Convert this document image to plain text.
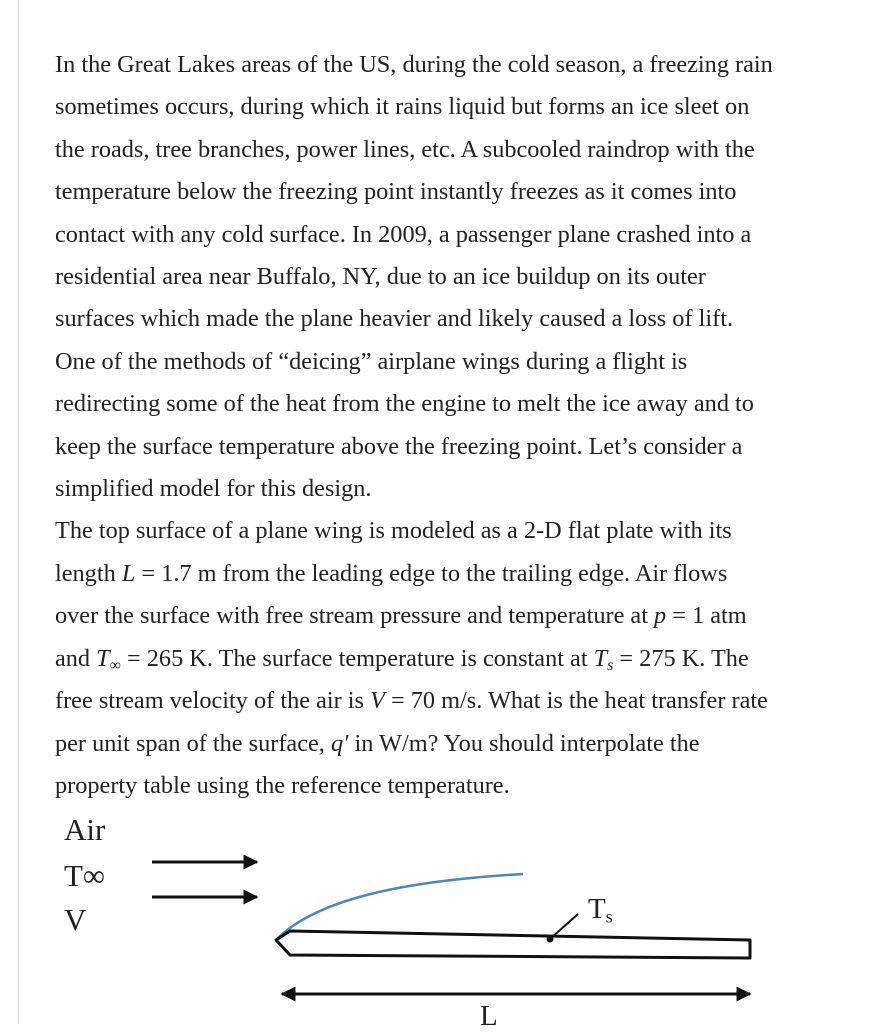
In the Great Lakes areas of the US, during the cold season, a freezing rain

sometimes occurs, during which it rains liquid but forms an ice sleet on

the roads, tree branches, power lines, etc. A subcooled raindrop with the

temperature below the freezing point instantly freezes as it comes into

contact with any cold surface. In 2009, a passenger plane crashed into a

residential area near Buffalo, NY, due to an ice buildup on its outer

surfaces which made the plane heavier and likely caused a loss of lift.

One of the methods of “deicing” airplane wings during a flight is

redirecting some of the heat from the engine to melt the ice away and to

keep the surface temperature above the freezing point. Let’s consider a

simplified model for this design.

The top surface of a plane wing is modeled as a 2-D flat plate with its

length L = 1.7 m from the leading edge to the trailing edge. Air flows

over the surface with free stream pressure and temperature at p = 1 atm

and $T_\infty = 265$ K. The surface temperature is constant at $T_s = 275$ K. The

free stream velocity of the air is V = 70 m/s. What is the heat transfer rate

per unit span of the surface, q′ in W/m? You should interpolate the

property table using the reference temperature.

Air
T∞
V	$T_s$
L
